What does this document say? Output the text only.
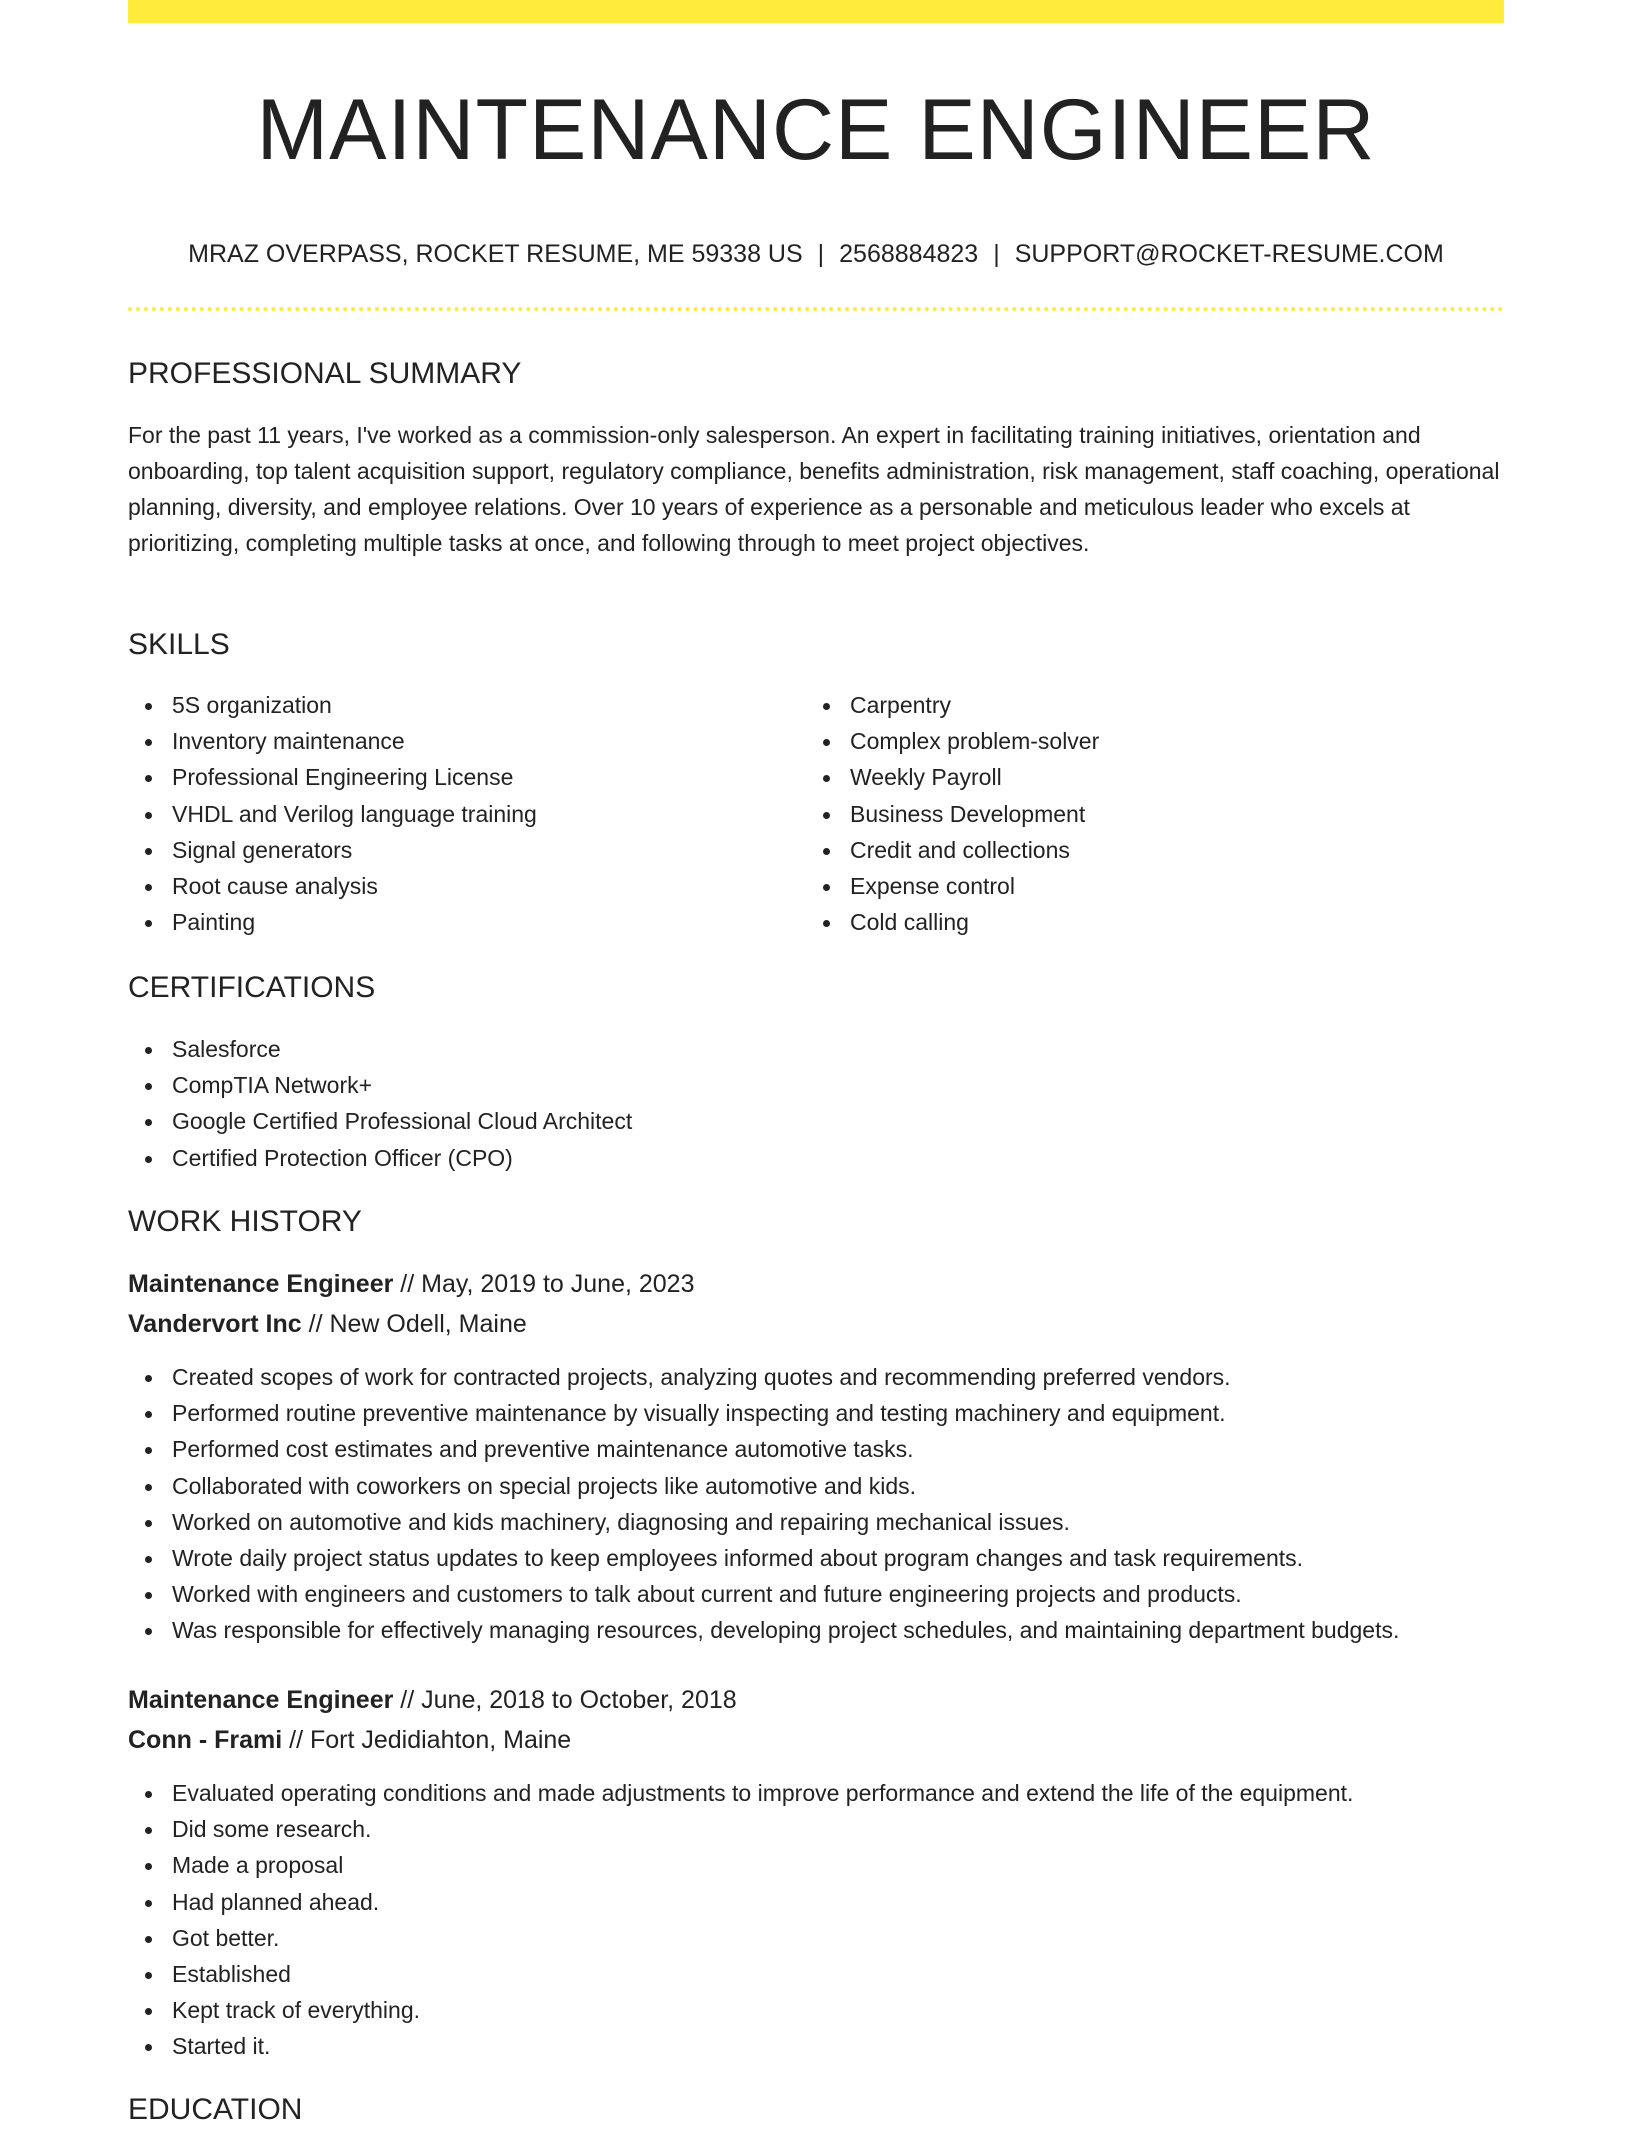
MAINTENANCE ENGINEER
MRAZ OVERPASS, ROCKET RESUME, ME 59338 US | 2568884823 | SUPPORT@ROCKET-RESUME.COM
PROFESSIONAL SUMMARY

For the past 11 years, I've worked as a commission-only salesperson. An expert in facilitating training initiatives, orientation and onboarding, top talent acquisition support, regulatory compliance, benefits administration, risk management, staff coaching, operational planning, diversity, and employee relations. Over 10 years of experience as a personable and meticulous leader who excels at prioritizing, completing multiple tasks at once, and following through to meet project objectives.

SKILLS
5S organization
Inventory maintenance
Professional Engineering License
VHDL and Verilog language training
Signal generators
Root cause analysis
Painting
Carpentry
Complex problem-solver
Weekly Payroll
Business Development
Credit and collections
Expense control
Cold calling
CERTIFICATIONS
Salesforce
CompTIA Network+
Google Certified Professional Cloud Architect
Certified Protection Officer (CPO)
WORK HISTORY
Maintenance Engineer // May, 2019 to June, 2023
Vandervort Inc // New Odell, Maine
Created scopes of work for contracted projects, analyzing quotes and recommending preferred vendors.
Performed routine preventive maintenance by visually inspecting and testing machinery and equipment.
Performed cost estimates and preventive maintenance automotive tasks.
Collaborated with coworkers on special projects like automotive and kids.
Worked on automotive and kids machinery, diagnosing and repairing mechanical issues.
Wrote daily project status updates to keep employees informed about program changes and task requirements.
Worked with engineers and customers to talk about current and future engineering projects and products.
Was responsible for effectively managing resources, developing project schedules, and maintaining department budgets.
Maintenance Engineer // June, 2018 to October, 2018
Conn - Frami // Fort Jedidiahton, Maine
Evaluated operating conditions and made adjustments to improve performance and extend the life of the equipment.
Did some research.
Made a proposal
Had planned ahead.
Got better.
Established
Kept track of everything.
Started it.
EDUCATION
